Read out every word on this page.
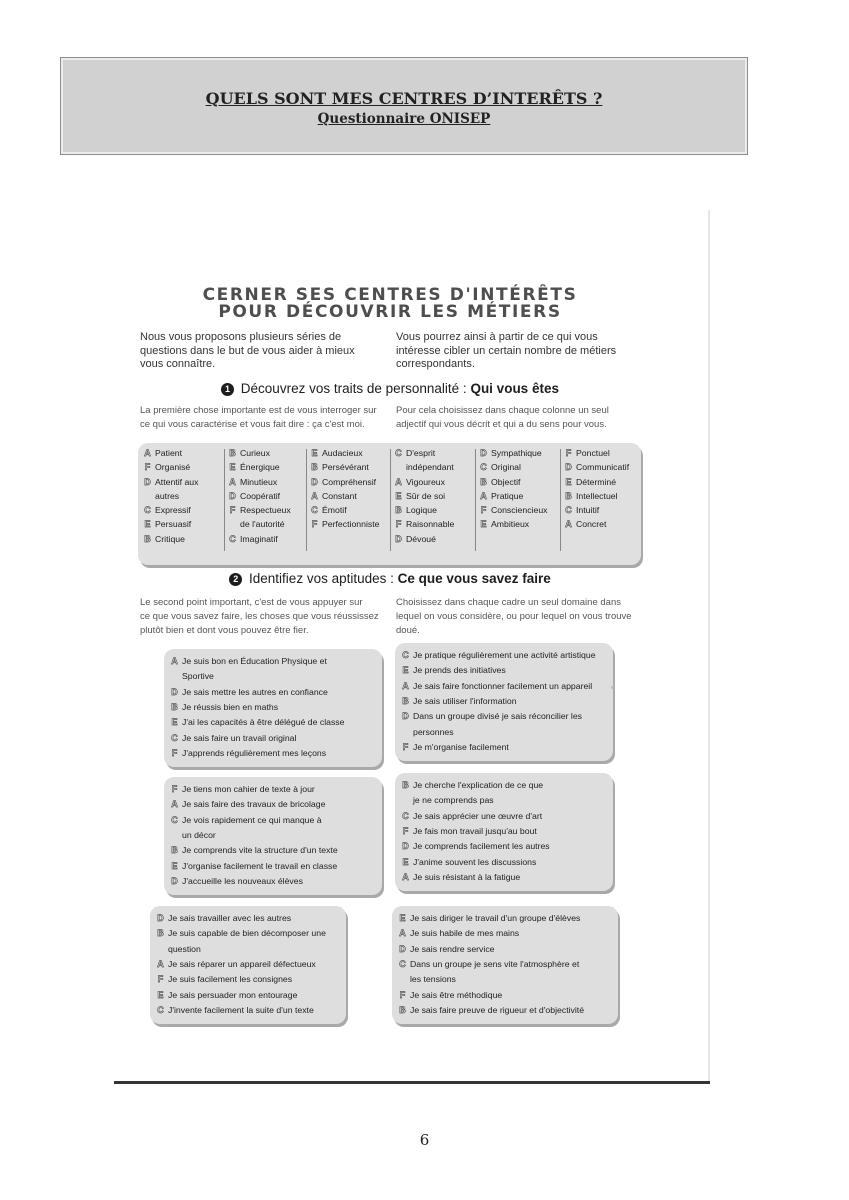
QUELS SONT MES CENTRES D’INTERÊTS ?
Questionnaire ONISEP
CERNER SES CENTRES D'INTÉRÊTS
POUR DÉCOUVRIR LES MÉTIERS
Nous vous proposons plusieurs séries de
questions dans le but de vous aider à mieux
vous connaître.
Vous pourrez ainsi à partir de ce qui vous
intéresse cibler un certain nombre de métiers
correspondants.
1 Découvrez vos traits de personnalité : Qui vous êtes
La première chose importante est de vous interroger sur
ce qui vous caractérise et vous fait dire : ça c'est moi.
Pour cela choisissez dans chaque colonne un seul
adjectif qui vous décrit et qui a du sens pour vous.
A Patient
F Organisé
D Attentif aux
autres
C Expressif
E Persuasif
B Critique
B Curieux
E Énergique
A Minutieux
D Coopératif
F Respectueux
de l'autorité
C Imaginatif
E Audacieux
B Persévérant
D Compréhensif
A Constant
C Émotif
F Perfectionniste
C D'esprit
indépendant
A Vigoureux
E Sûr de soi
B Logique
F Raisonnable
D Dévoué
D Sympathique
C Original
B Objectif
A Pratique
F Consciencieux
E Ambitieux
F Ponctuel
D Communicatif
E Déterminé
B Intellectuel
C Intuitif
A Concret
2 Identifiez vos aptitudes : Ce que vous savez faire
Le second point important, c'est de vous appuyer sur
ce que vous savez faire, les choses que vous réussissez
plutôt bien et dont vous pouvez être fier.
Choisissez dans chaque cadre un seul domaine dans
lequel on vous considère, ou pour lequel on vous trouve
doué.
A Je suis bon en Éducation Physique et
Sportive
D Je sais mettre les autres en confiance
B Je réussis bien en maths
E J'ai les capacités à être délégué de classe
C Je sais faire un travail original
F J'apprends régulièrement mes leçons
C Je pratique régulièrement une activité artistique
E Je prends des initiatives
A Je sais faire fonctionner facilement un appareil
B Je sais utiliser l'information
D Dans un groupe divisé je sais réconcilier les
personnes
F Je m'organise facilement
F Je tiens mon cahier de texte à jour
A Je sais faire des travaux de bricolage
C Je vois rapidement ce qui manque à
un décor
B Je comprends vite la structure d'un texte
E J'organise facilement le travail en classe
D J'accueille les nouveaux élèves
B Je cherche l'explication de ce que
je ne comprends pas
C Je sais apprécier une œuvre d'art
F Je fais mon travail jusqu'au bout
D Je comprends facilement les autres
E J'anime souvent les discussions
A Je suis résistant à la fatigue
D Je sais travailler avec les autres
B Je suis capable de bien décomposer une
question
A Je sais réparer un appareil défectueux
F Je suis facilement les consignes
E Je sais persuader mon entourage
C J'invente facilement la suite d'un texte
E Je sais diriger le travail d'un groupe d'élèves
A Je suis habile de mes mains
D Je sais rendre service
C Dans un groupe je sens vite l'atmosphère et
les tensions
F Je sais être méthodique
B Je sais faire preuve de rigueur et d'objectivité
6
